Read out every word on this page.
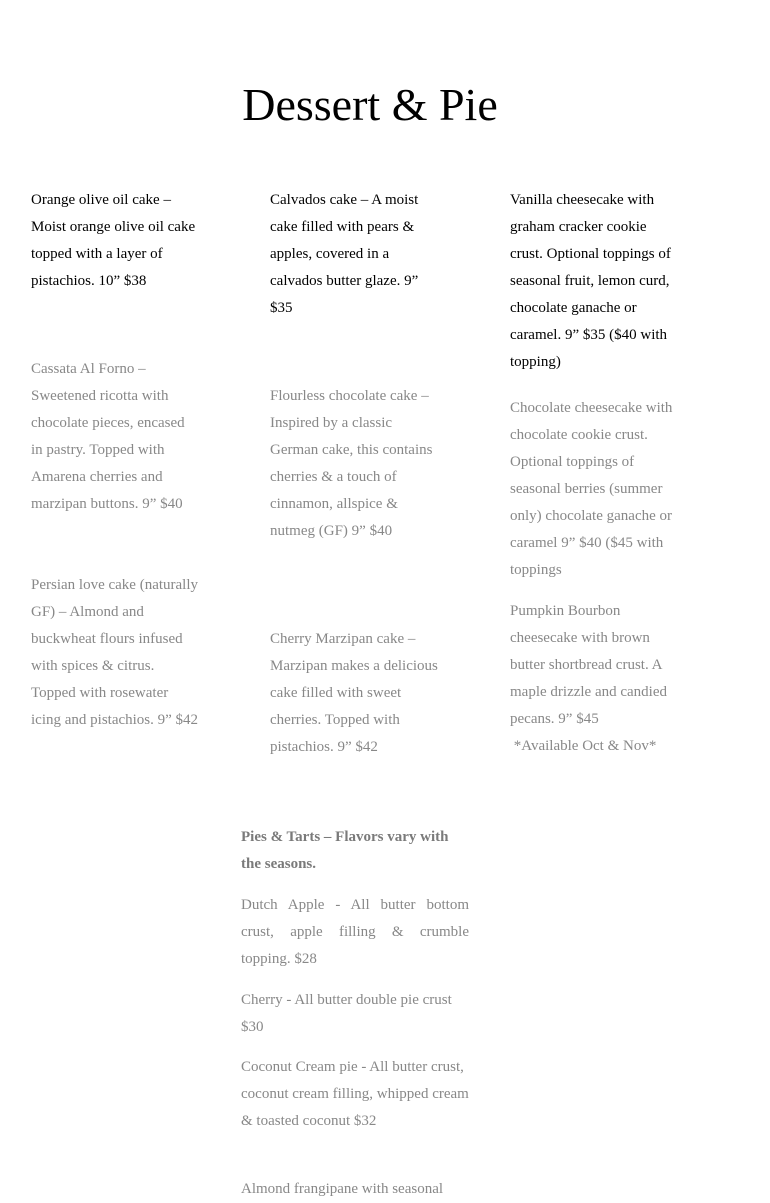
Dessert & Pie

Orange olive oil cake – Moist orange olive oil cake topped with a layer of pistachios. 10” $38

Cassata Al Forno – Sweetened ricotta with chocolate pieces, encased in pastry. Topped with Amarena cherries and marzipan buttons. 9” $40

Persian love cake (naturally GF) – Almond and buckwheat flours infused with spices & citrus. Topped with rosewater icing and pistachios. 9” $42

Calvados cake – A moist cake filled with pears & apples, covered in a calvados butter glaze. 9” $35

Flourless chocolate cake – Inspired by a classic German cake, this contains cherries & a touch of cinnamon, allspice & nutmeg (GF) 9” $40

Cherry Marzipan cake – Marzipan makes a delicious cake filled with sweet cherries. Topped with pistachios. 9” $42

Vanilla cheesecake with graham cracker cookie crust. Optional toppings of seasonal fruit, lemon curd, chocolate ganache or caramel. 9” $35 ($40 with topping)

Chocolate cheesecake with chocolate cookie crust. Optional toppings of seasonal berries (summer only) chocolate ganache or caramel 9” $40 ($45 with toppings

Pumpkin Bourbon cheesecake with brown butter shortbread crust. A maple drizzle and candied pecans. 9” $45
*Available Oct & Nov*

Pies & Tarts – Flavors vary with the seasons.

Dutch Apple - All butter bottom crust, apple filling & crumble topping. $28

Cherry - All butter double pie crust $30

Coconut Cream pie - All butter crust, coconut cream filling, whipped cream & toasted coconut $32

Almond frangipane with seasonal
